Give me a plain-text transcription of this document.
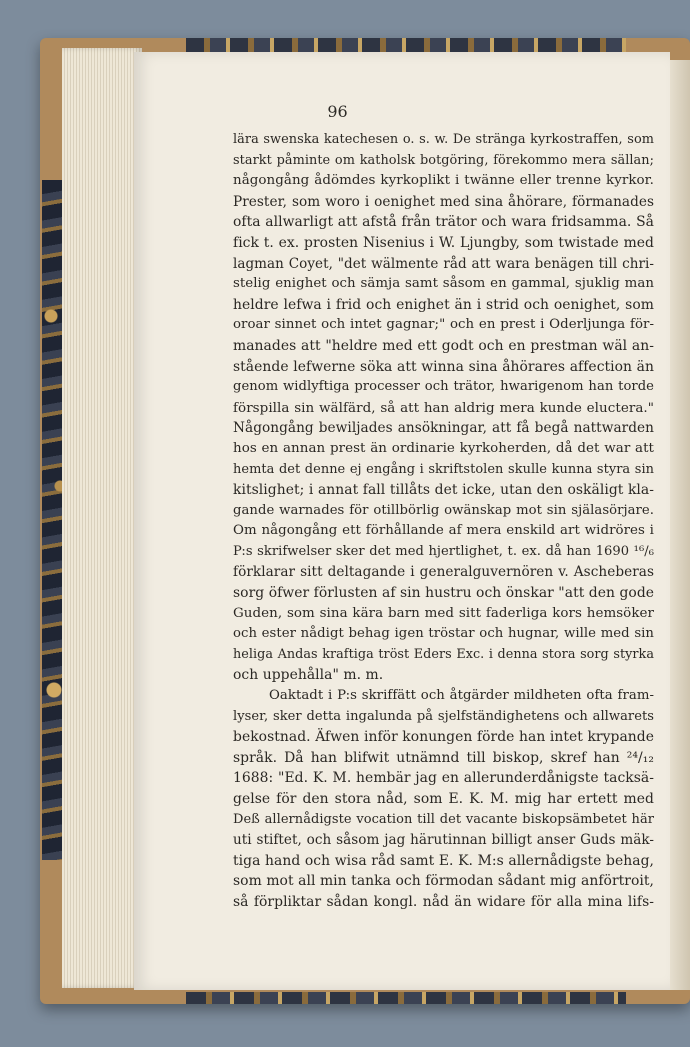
96
lära swenska katechesen o. s. w. De stränga kyrkostraffen, som
starkt påminte om katholsk botgöring, förekommo mera sällan;
någongång ådömdes kyrkoplikt i twänne eller trenne kyrkor.
Prester, som woro i oenighet med sina åhörare, förmanades
ofta allwarligt att afstå från trätor och wara fridsamma. Så
fick t. ex. prosten Nisenius i W. Ljungby, som twistade med
lagman Coyet, "det wälmente råd att wara benägen till chri-
stelig enighet och sämja samt såsom en gammal, sjuklig man
heldre lefwa i frid och enighet än i strid och oenighet, som
oroar sinnet och intet gagnar;" och en prest i Oderljunga för-
manades att "heldre med ett godt och en prestman wäl an-
stående lefwerne söka att winna sina åhörares affection än
genom widlyftiga processer och trätor, hwarigenom han torde
förspilla sin wälfärd, så att han aldrig mera kunde eluctera."
Någongång bewiljades ansökningar, att få begå nattwarden
hos en annan prest än ordinarie kyrkoherden, då det war att
hemta det denne ej engång i skriftstolen skulle kunna styra sin
kitslighet; i annat fall tillåts det icke, utan den oskäligt kla-
gande warnades för otillbörlig owänskap mot sin själasörjare.
Om någongång ett förhållande af mera enskild art widröres i
P:s skrifwelser sker det med hjertlighet, t. ex. då han 1690 ¹⁶/₆
förklarar sitt deltagande i generalguvernören v. Ascheberas
sorg öfwer förlusten af sin hustru och önskar "att den gode
Guden, som sina kära barn med sitt faderliga kors hemsöker
och ester nådigt behag igen tröstar och hugnar, wille med sin
heliga Andas kraftiga tröst Eders Exc. i denna stora sorg styrka
och uppehålla" m. m.
Oaktadt i P:s skriffätt och åtgärder mildheten ofta fram-
lyser, sker detta ingalunda på sjelfständighetens och allwarets
bekostnad. Äfwen inför konungen förde han intet krypande
språk. Då han blifwit utnämnd till biskop, skref han ²⁴/₁₂
1688: "Ed. K. M. hembär jag en allerunderdånigste tacksä-
gelse för den stora nåd, som E. K. M. mig har ertett med
Deß allernådigste vocation till det vacante biskopsämbetet här
uti stiftet, och såsom jag härutinnan billigt anser Guds mäk-
tiga hand och wisa råd samt E. K. M:s allernådigste behag,
som mot all min tanka och förmodan sådant mig anförtroit,
så förpliktar sådan kongl. nåd än widare för alla mina lifs-
